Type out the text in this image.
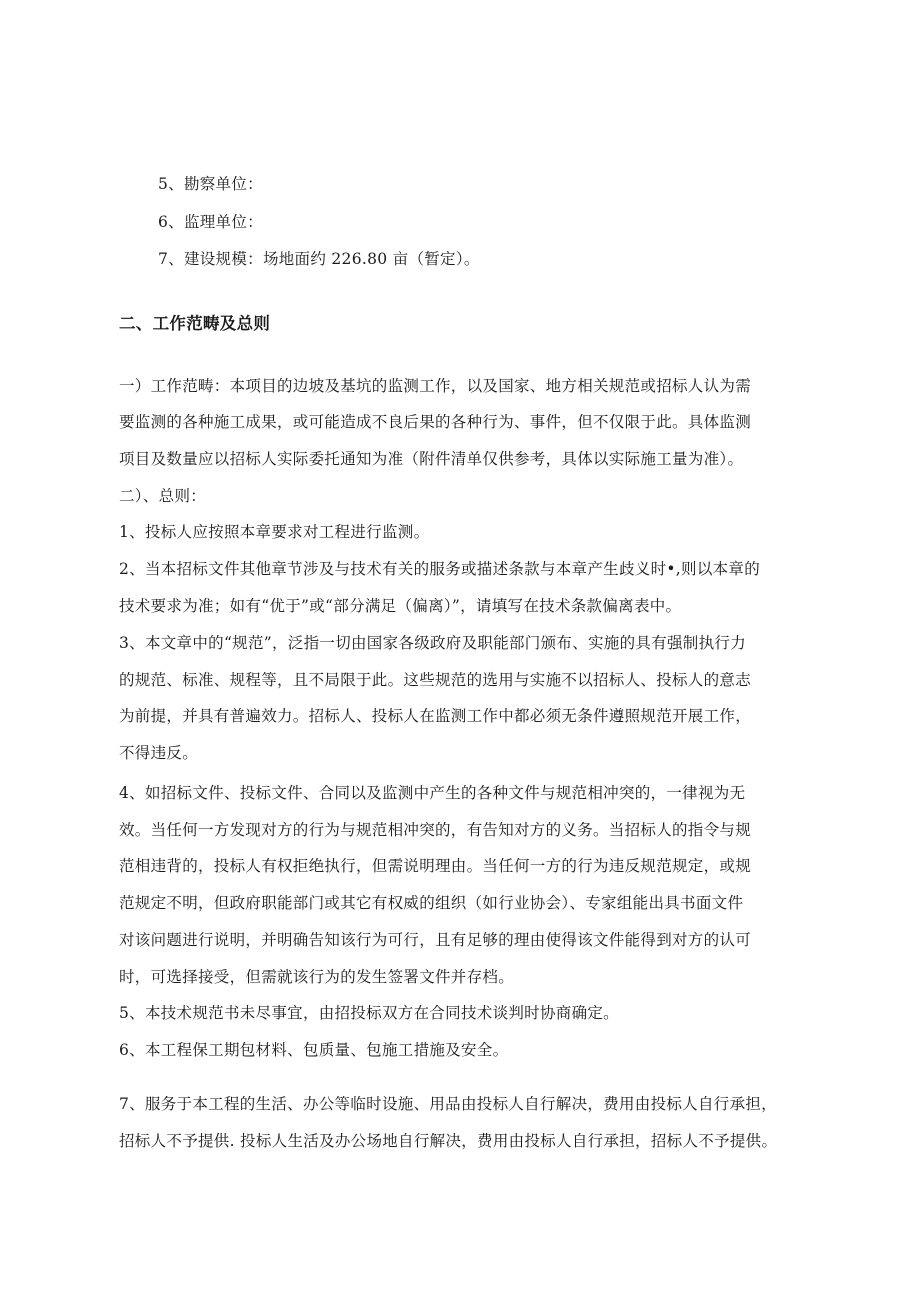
5、勘察单位：
6、监理单位：
7、建设规模：场地面约 226.80 亩（暂定）。
二、工作范畴及总则
一）工作范畴：本项目的边坡及基坑的监测工作，以及国家、地方相关规范或招标人认为需
要监测的各种施工成果，或可能造成不良后果的各种行为、事件，但不仅限于此。具体监测
项目及数量应以招标人实际委托通知为准（附件清单仅供参考，具体以实际施工量为准）。
二）、总则：
1、投标人应按照本章要求对工程进行监测。
2、当本招标文件其他章节涉及与技术有关的服务或描述条款与本章产生歧义时•,则以本章的
技术要求为准；如有“优于”或“部分满足（偏离）”，请填写在技术条款偏离表中。
3、本文章中的“规范”，泛指一切由国家各级政府及职能部门颁布、实施的具有强制执行力
的规范、标准、规程等，且不局限于此。这些规范的选用与实施不以招标人、投标人的意志
为前提，并具有普遍效力。招标人、投标人在监测工作中都必须无条件遵照规范开展工作，
不得违反。
4、如招标文件、投标文件、合同以及监测中产生的各种文件与规范相冲突的，一律视为无
效。当任何一方发现对方的行为与规范相冲突的，有告知对方的义务。当招标人的指令与规
范相违背的，投标人有权拒绝执行，但需说明理由。当任何一方的行为违反规范规定，或规
范规定不明，但政府职能部门或其它有权威的组织（如行业协会）、专家组能出具书面文件
对该问题进行说明，并明确告知该行为可行，且有足够的理由使得该文件能得到对方的认可
时，可选择接受，但需就该行为的发生签署文件并存档。
5、本技术规范书未尽事宜，由招投标双方在合同技术谈判时协商确定。
6、本工程保工期包材料、包质量、包施工措施及安全。
7、服务于本工程的生活、办公等临时设施、用品由投标人自行解决，费用由投标人自行承担，
招标人不予提供. 投标人生活及办公场地自行解决，费用由投标人自行承担，招标人不予提供。
